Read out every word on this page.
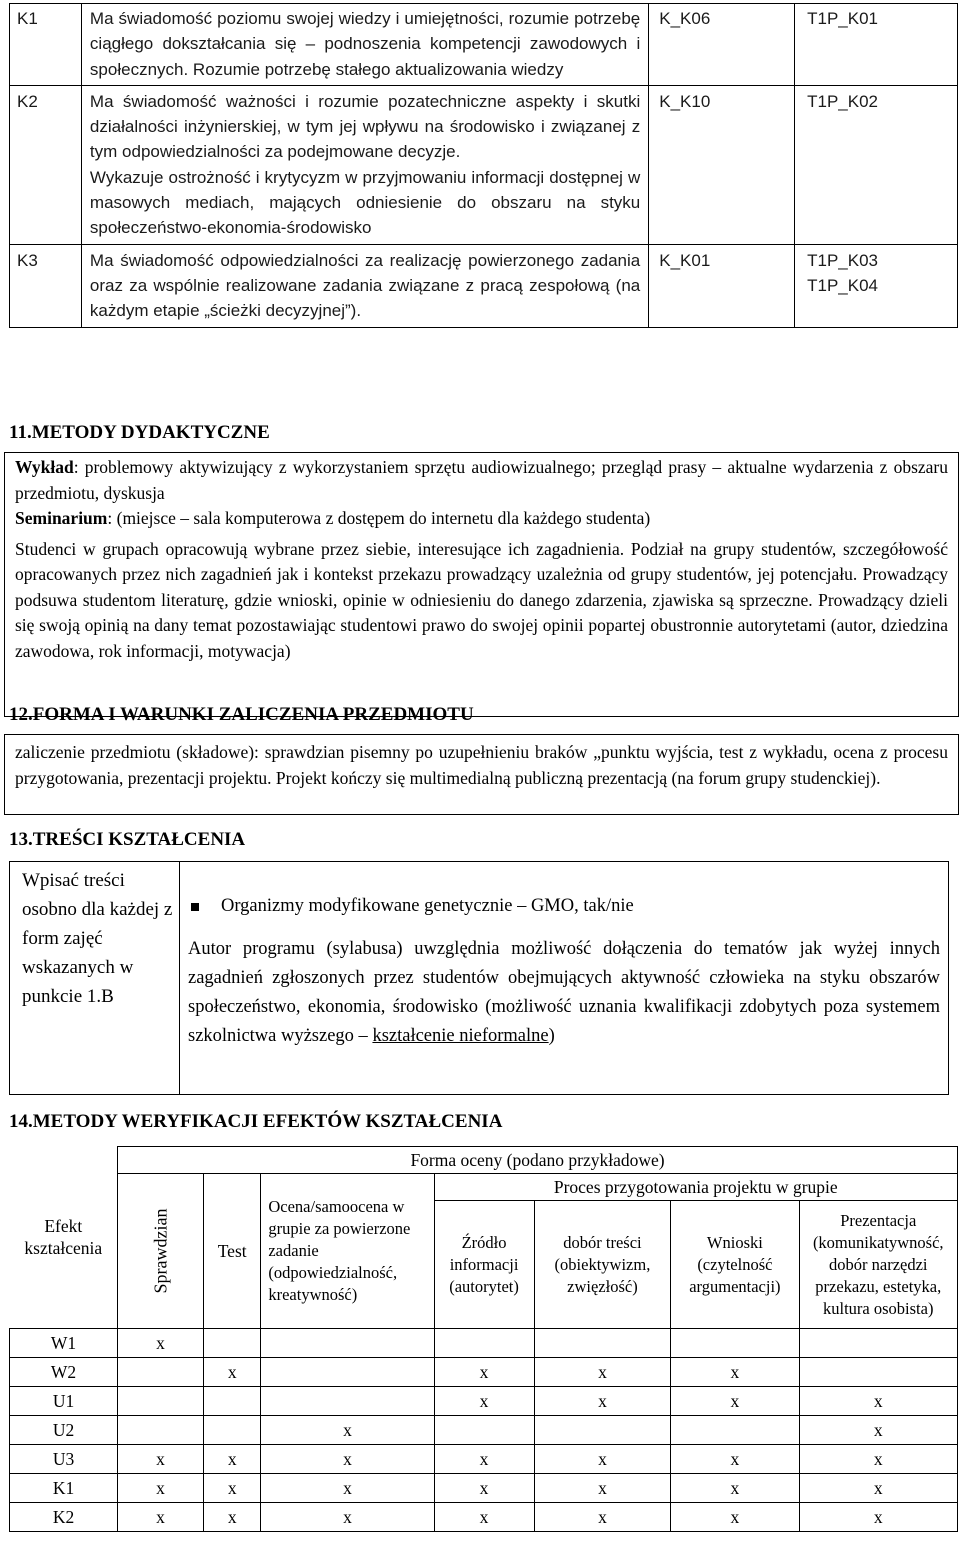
K1	Ma świadomość poziomu swojej wiedzy i umiejętności, rozumie potrzebę ciągłego dokształcania się – podnoszenia kompetencji zawodowych i społecznych. Rozumie potrzebę stałego aktualizowania wiedzy	K_K06	T1P_K01
K2	Ma świadomość ważności i rozumie pozatechniczne aspekty i skutki działalności inżynierskiej, w tym jej wpływu na środowisko i związanej z tym odpowiedzialności za podejmowane decyzje.
Wykazuje ostrożność i krytycyzm w przyjmowaniu informacji dostępnej w masowych mediach, mających odniesienie do obszaru na styku społeczeństwo-ekonomia-środowisko	K_K10	T1P_K02
K3	Ma świadomość odpowiedzialności za realizację powierzonego zadania oraz za wspólnie realizowane zadania związane z pracą zespołową (na każdym etapie „ścieżki decyzyjnej”).	K_K01	T1P_K03
T1P_K04
11.METODY DYDAKTYCZNE

Wykład: problemowy aktywizujący z wykorzystaniem sprzętu audiowizualnego; przegląd prasy – aktualne wydarzenia z obszaru przedmiotu, dyskusja

Seminarium: (miejsce – sala komputerowa z dostępem do internetu dla każdego studenta)

Studenci w grupach opracowują wybrane przez siebie, interesujące ich zagadnienia. Podział na grupy studentów, szczegółowość opracowanych przez nich zagadnień jak i kontekst przekazu prowadzący uzależnia od grupy studentów, jej potencjału. Prowadzący podsuwa studentom literaturę, gdzie wnioski, opinie w odniesieniu do danego zdarzenia, zjawiska są sprzeczne. Prowadzący dzieli się swoją opinią na dany temat pozostawiając studentowi prawo do swojej opinii popartej obustronnie autorytetami (autor, dziedzina zawodowa, rok informacji, motywacja)

12.FORMA I WARUNKI ZALICZENIA PRZEDMIOTU
zaliczenie przedmiotu (składowe): sprawdzian pisemny po uzupełnieniu braków „punktu wyjścia, test z wykładu, ocena z procesu przygotowania, prezentacji projektu. Projekt kończy się multimedialną publiczną prezentacją (na forum grupy studenckiej).
13.TREŚCI KSZTAŁCENIA
Wpisać treści osobno dla każdej z form zajęć wskazanych w punkcie 1.B
Organizmy modyfikowane genetycznie – GMO, tak/nie
Autor programu (sylabusa) uwzględnia możliwość dołączenia do tematów jak wyżej innych zagadnień zgłoszonych przez studentów obejmujących aktywność człowieka na styku obszarów społeczeństwo, ekonomia, środowisko (możliwość uznania kwalifikacji zdobytych poza systemem szkolnictwa wyższego – kształcenie nieformalne)
14.METODY WERYFIKACJI EFEKTÓW KSZTAŁCENIA
Efekt kształcenia	Forma oceny (podano przykładowe)						
	Sprawdzian	Test	Ocena/samoocena w grupie za powierzone zadanie (odpowiedzialność, kreatywność)	Proces przygotowania projektu w grupie			
				Źródło informacji (autorytet)	dobór treści (obiektywizm, zwięzłość)	Wnioski (czytelność argumentacji)	Prezentacja (komunikatywność, dobór narzędzi przekazu, estetyka, kultura osobista)
W1	x						
W2		x		x	x	x	
U1				x	x	x	x
U2			x				x
U3	x	x	x	x	x	x	x
K1	x	x	x	x	x	x	x
K2	x	x	x	x	x	x	x
